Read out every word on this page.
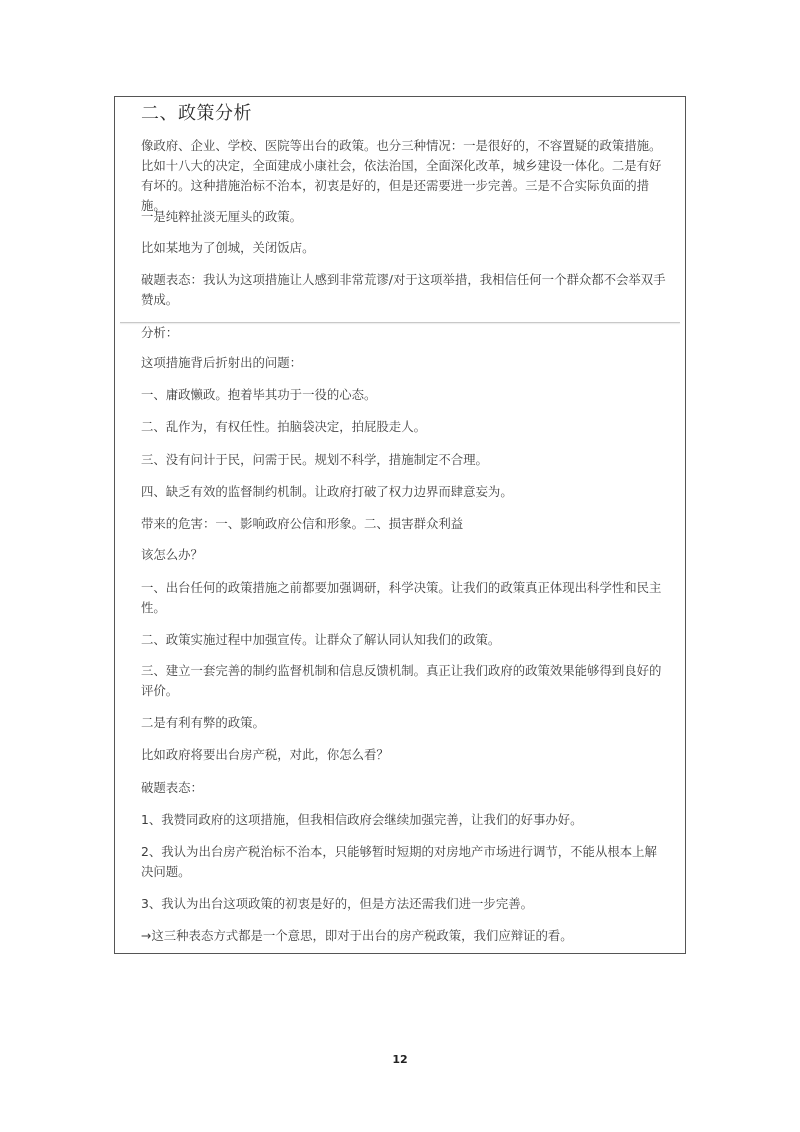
二、政策分析

像政府、企业、学校、医院等出台的政策。也分三种情况：一是很好的，不容置疑的政策措施。比如十八大的决定，全面建成小康社会，依法治国，全面深化改革，城乡建设一体化。二是有好有坏的。这种措施治标不治本，初衷是好的，但是还需要进一步完善。三是不合实际负面的措施。

一是纯粹扯淡无厘头的政策。

比如某地为了创城，关闭饭店。

破题表态：我认为这项措施让人感到非常荒谬/对于这项举措，我相信任何一个群众都不会举双手赞成。

分析：

这项措施背后折射出的问题：

一、庸政懒政。抱着毕其功于一役的心态。

二、乱作为，有权任性。拍脑袋决定，拍屁股走人。

三、没有问计于民，问需于民。规划不科学，措施制定不合理。

四、缺乏有效的监督制约机制。让政府打破了权力边界而肆意妄为。

带来的危害：一、影响政府公信和形象。二、损害群众利益

该怎么办？

一、出台任何的政策措施之前都要加强调研，科学决策。让我们的政策真正体现出科学性和民主性。

二、政策实施过程中加强宣传。让群众了解认同认知我们的政策。

三、建立一套完善的制约监督机制和信息反馈机制。真正让我们政府的政策效果能够得到良好的评价。

二是有利有弊的政策。

比如政府将要出台房产税，对此，你怎么看？

破题表态：

1、我赞同政府的这项措施，但我相信政府会继续加强完善，让我们的好事办好。

2、我认为出台房产税治标不治本，只能够暂时短期的对房地产市场进行调节，不能从根本上解决问题。

3、我认为出台这项政策的初衷是好的，但是方法还需我们进一步完善。

→这三种表态方式都是一个意思，即对于出台的房产税政策，我们应辩证的看。

12
